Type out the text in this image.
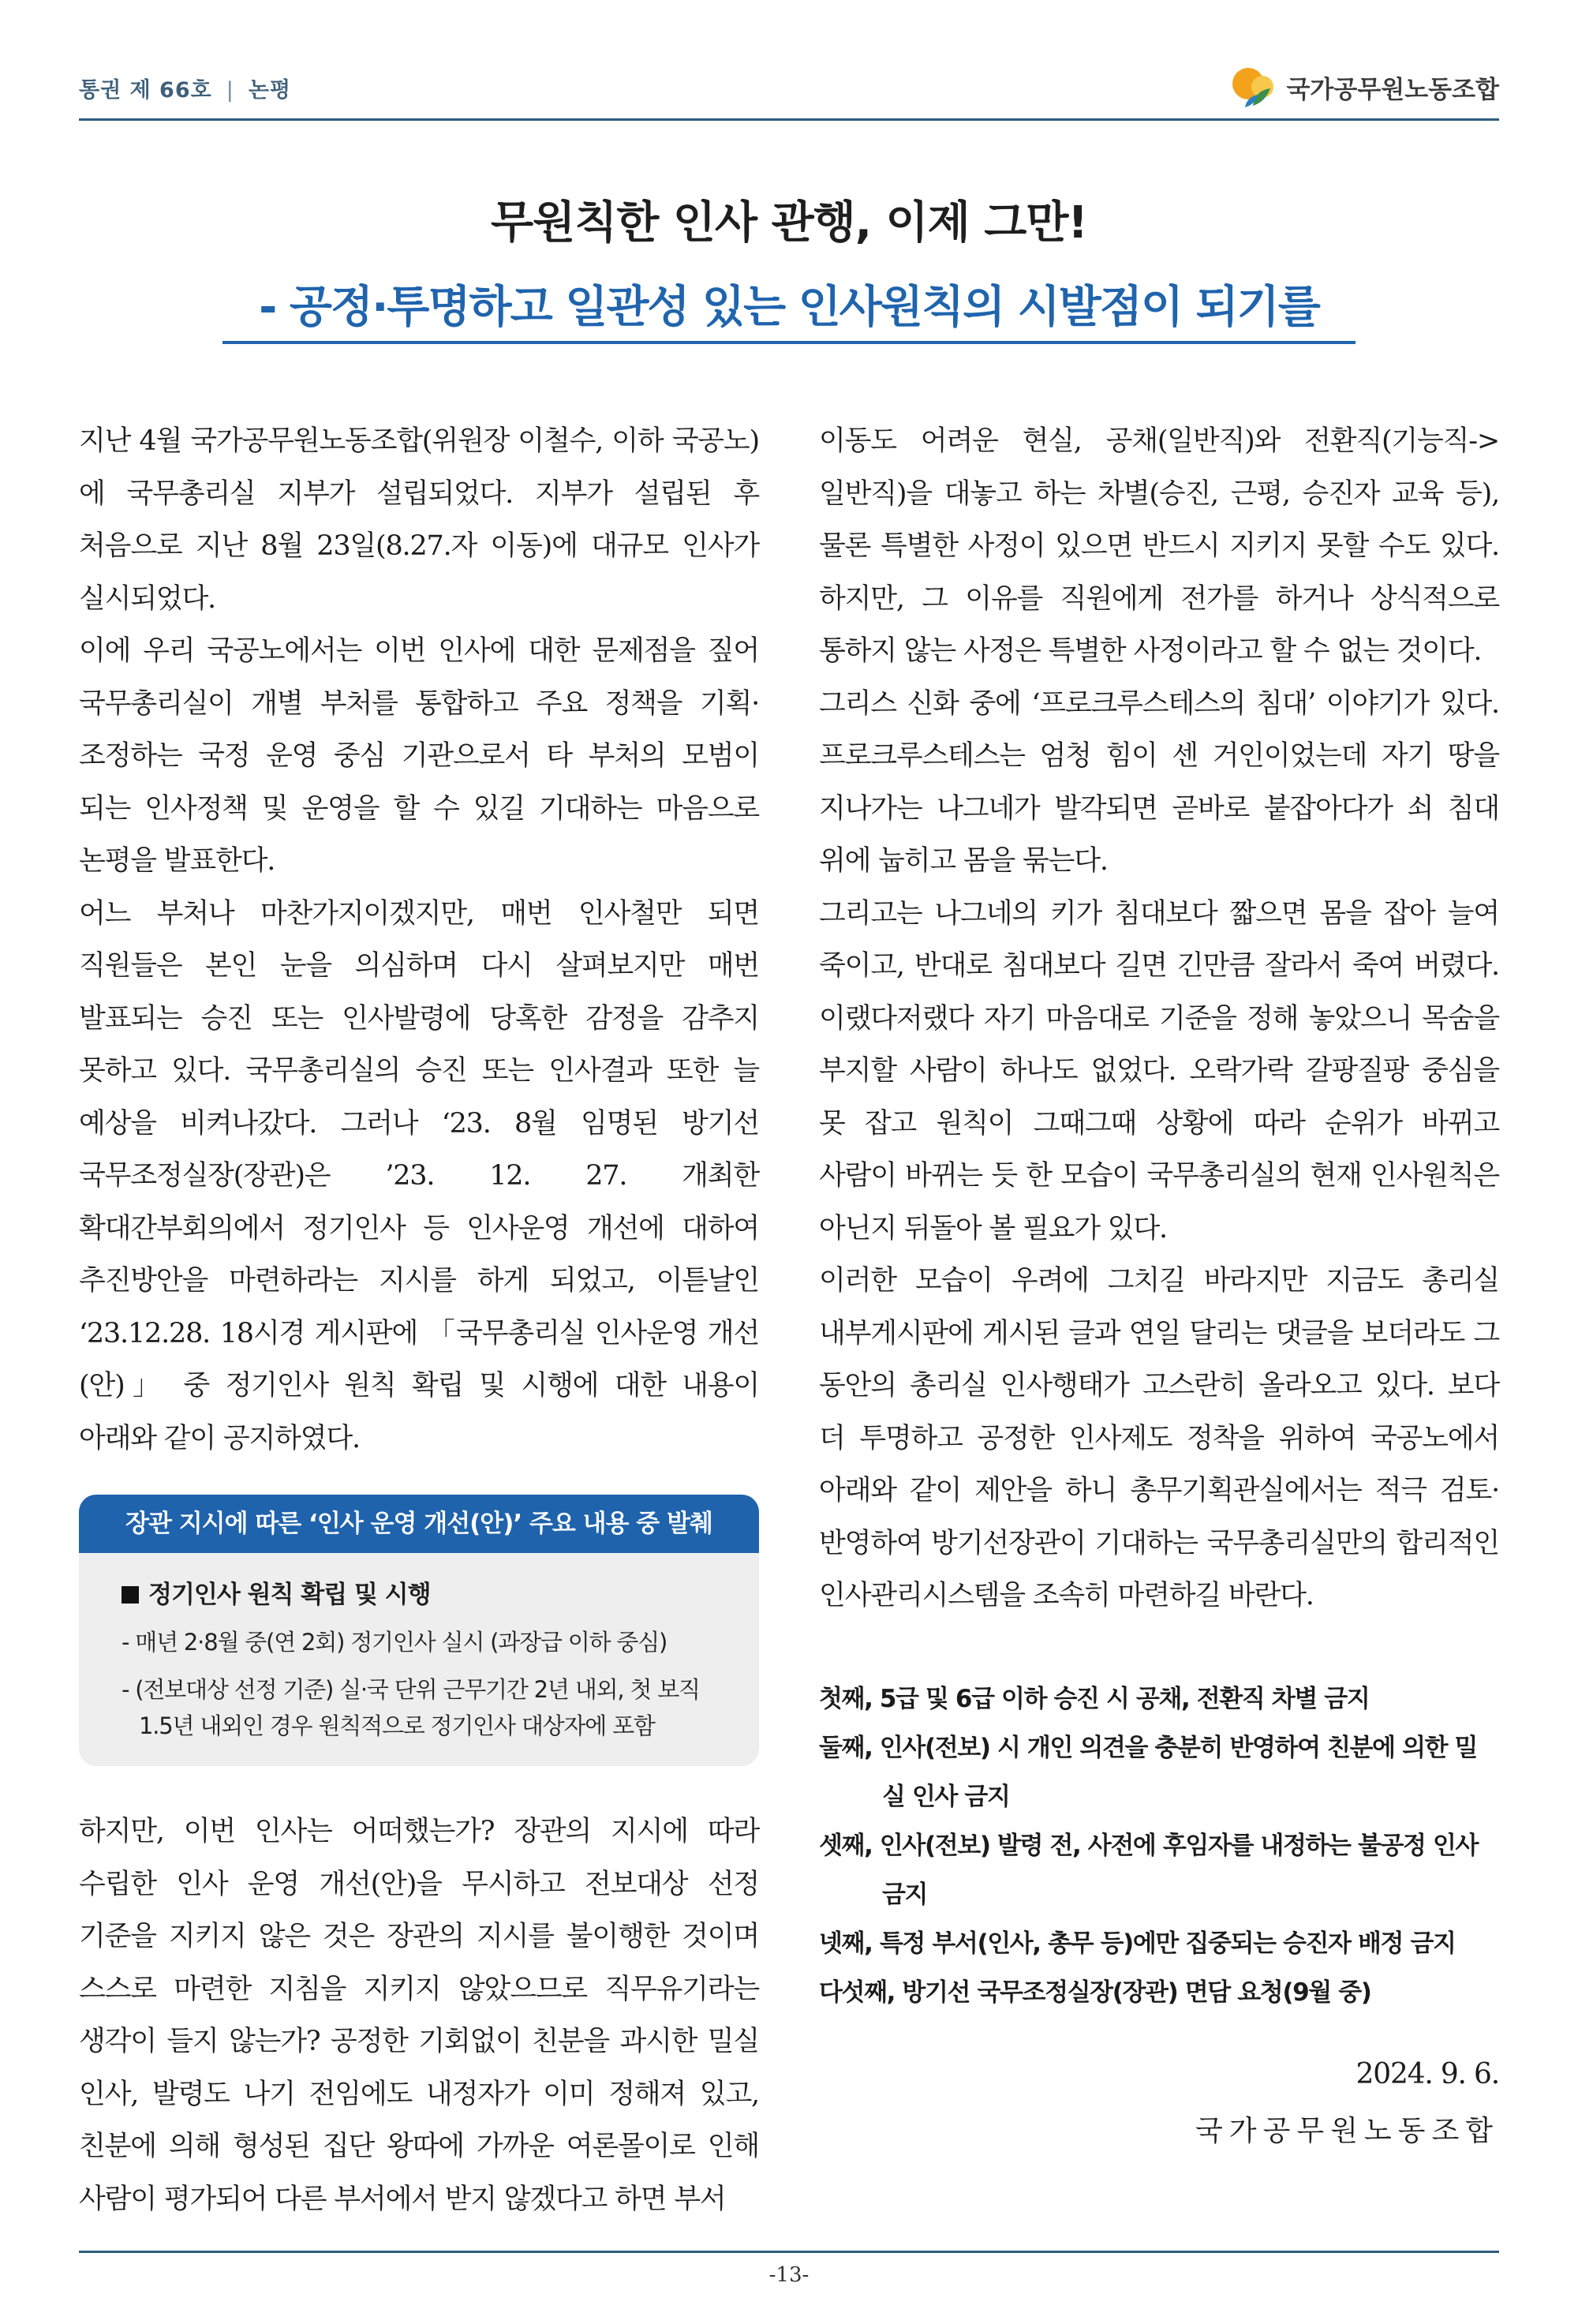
통권 제 66호 | 논평	국가공무원노동조합
무원칙한 인사 관행, 이제 그만!
- 공정·투명하고 일관성 있는 인사원칙의 시발점이 되기를

지난 4월 국가공무원노동조합(위원장 이철수, 이하 국공노)에 국무총리실 지부가 설립되었다. 지부가 설립된 후 처음으로 지난 8월 23일(8.27.자 이동)에 대규모 인사가 실시되었다.

이에 우리 국공노에서는 이번 인사에 대한 문제점을 짚어 국무총리실이 개별 부처를 통합하고 주요 정책을 기획·조정하는 국정 운영 중심 기관으로서 타 부처의 모범이 되는 인사정책 및 운영을 할 수 있길 기대하는 마음으로 논평을 발표한다.

어느 부처나 마찬가지이겠지만, 매번 인사철만 되면 직원들은 본인 눈을 의심하며 다시 살펴보지만 매번 발표되는 승진 또는 인사발령에 당혹한 감정을 감추지 못하고 있다. 국무총리실의 승진 또는 인사결과 또한 늘 예상을 비켜나갔다. 그러나 ‘23. 8월 임명된 방기선 국무조정실장(장관)은 ’23. 12. 27. 개최한 확대간부회의에서 정기인사 등 인사운영 개선에 대하여 추진방안을 마련하라는 지시를 하게 되었고, 이튿날인 ‘23.12.28. 18시경 게시판에 「국무총리실 인사운영 개선(안)」 중 정기인사 원칙 확립 및 시행에 대한 내용이 아래와 같이 공지하였다.

장관 지시에 따른 ‘인사 운영 개선(안)’ 주요 내용 중 발췌
정기인사 원칙 확립 및 시행
- 매년 2·8월 중(연 2회) 정기인사 실시 (과장급 이하 중심)
- (전보대상 선정 기준) 실·국 단위 근무기간 2년 내외, 첫 보직 1.5년 내외인 경우 원칙적으로 정기인사 대상자에 포함

하지만, 이번 인사는 어떠했는가? 장관의 지시에 따라 수립한 인사 운영 개선(안)을 무시하고 전보대상 선정 기준을 지키지 않은 것은 장관의 지시를 불이행한 것이며 스스로 마련한 지침을 지키지 않았으므로 직무유기라는 생각이 들지 않는가? 공정한 기회없이 친분을 과시한 밀실 인사, 발령도 나기 전임에도 내정자가 이미 정해져 있고, 친분에 의해 형성된 집단 왕따에 가까운 여론몰이로 인해 사람이 평가되어 다른 부서에서 받지 않겠다고 하면 부서

이동도 어려운 현실, 공채(일반직)와 전환직(기능직->일반직)을 대놓고 하는 차별(승진, 근평, 승진자 교육 등), 물론 특별한 사정이 있으면 반드시 지키지 못할 수도 있다. 하지만, 그 이유를 직원에게 전가를 하거나 상식적으로 통하지 않는 사정은 특별한 사정이라고 할 수 없는 것이다.

그리스 신화 중에 ‘프로크루스테스의 침대’ 이야기가 있다. 프로크루스테스는 엄청 힘이 센 거인이었는데 자기 땅을 지나가는 나그네가 발각되면 곧바로 붙잡아다가 쇠 침대 위에 눕히고 몸을 묶는다.

그리고는 나그네의 키가 침대보다 짧으면 몸을 잡아 늘여 죽이고, 반대로 침대보다 길면 긴만큼 잘라서 죽여 버렸다. 이랬다저랬다 자기 마음대로 기준을 정해 놓았으니 목숨을 부지할 사람이 하나도 없었다. 오락가락 갈팡질팡 중심을 못 잡고 원칙이 그때그때 상황에 따라 순위가 바뀌고 사람이 바뀌는 듯 한 모습이 국무총리실의 현재 인사원칙은 아닌지 뒤돌아 볼 필요가 있다.

이러한 모습이 우려에 그치길 바라지만 지금도 총리실 내부게시판에 게시된 글과 연일 달리는 댓글을 보더라도 그 동안의 총리실 인사행태가 고스란히 올라오고 있다. 보다 더 투명하고 공정한 인사제도 정착을 위하여 국공노에서 아래와 같이 제안을 하니 총무기획관실에서는 적극 검토·반영하여 방기선장관이 기대하는 국무총리실만의 합리적인 인사관리시스템을 조속히 마련하길 바란다.

첫째,
5급 및 6급 이하 승진 시 공채, 전환직 차별 금지
둘째, 인사(전보) 시 개인 의견을 충분히 반영하여 친분에 의한 밀실 인사 금지
셋째, 인사(전보) 발령 전, 사전에 후임자를 내정하는 불공정 인사 금지
넷째,
특정 부서(인사, 총무 등)에만 집중되는 승진자 배정 금지
다섯째,
방기선 국무조정실장(장관) 면담 요청(9월 중)

2024. 9. 6.

국가공무원노동조합

-13-
